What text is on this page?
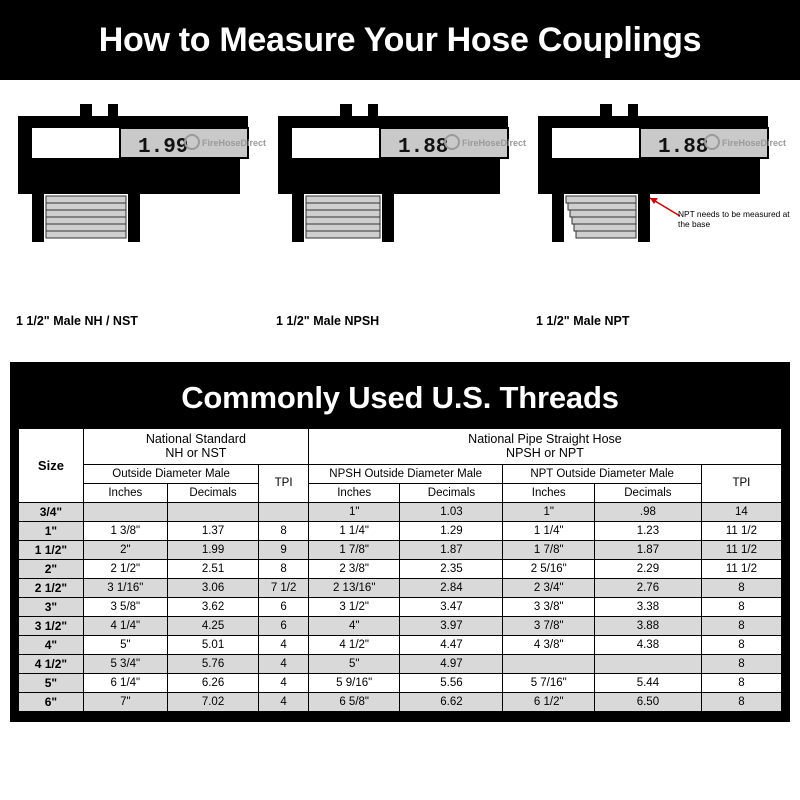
How to Measure Your Hose Couplings
1.99 FireHoseDirect
2"
1 1/2" Male NH / NST
1.88 FireHoseDirect
1 7/8"
1 1/2" Male NPSH
1.88 FireHoseDirect
1 7/8"
NPT needs to be measured at the base
1 1/2" Male NPT
Commonly Used U.S. Threads
Size	National Standard
NH or NST			National Pipe Straight Hose
NPSH or NPT				
	Outside Diameter Male		TPI	NPSH Outside Diameter Male		NPT Outside Diameter Male		TPI
	Inches	Decimals		Inches	Decimals	Inches	Decimals	
3/4"				1"	1.03	1"	.98	14
1"	1 3/8"	1.37	8	1 1/4"	1.29	1 1/4"	1.23	11 1/2
1 1/2"	2"	1.99	9	1 7/8"	1.87	1 7/8"	1.87	11 1/2
2"	2 1/2"	2.51	8	2 3/8"	2.35	2 5/16"	2.29	11 1/2
2 1/2"	3 1/16"	3.06	7 1/2	2 13/16"	2.84	2 3/4"	2.76	8
3"	3 5/8"	3.62	6	3 1/2"	3.47	3 3/8"	3.38	8
3 1/2"	4 1/4"	4.25	6	4"	3.97	3 7/8"	3.88	8
4"	5"	5.01	4	4 1/2"	4.47	4 3/8"	4.38	8
4 1/2"	5 3/4"	5.76	4	5"	4.97			8
5"	6 1/4"	6.26	4	5 9/16"	5.56	5 7/16"	5.44	8
6"	7"	7.02	4	6 5/8"	6.62	6 1/2"	6.50	8
